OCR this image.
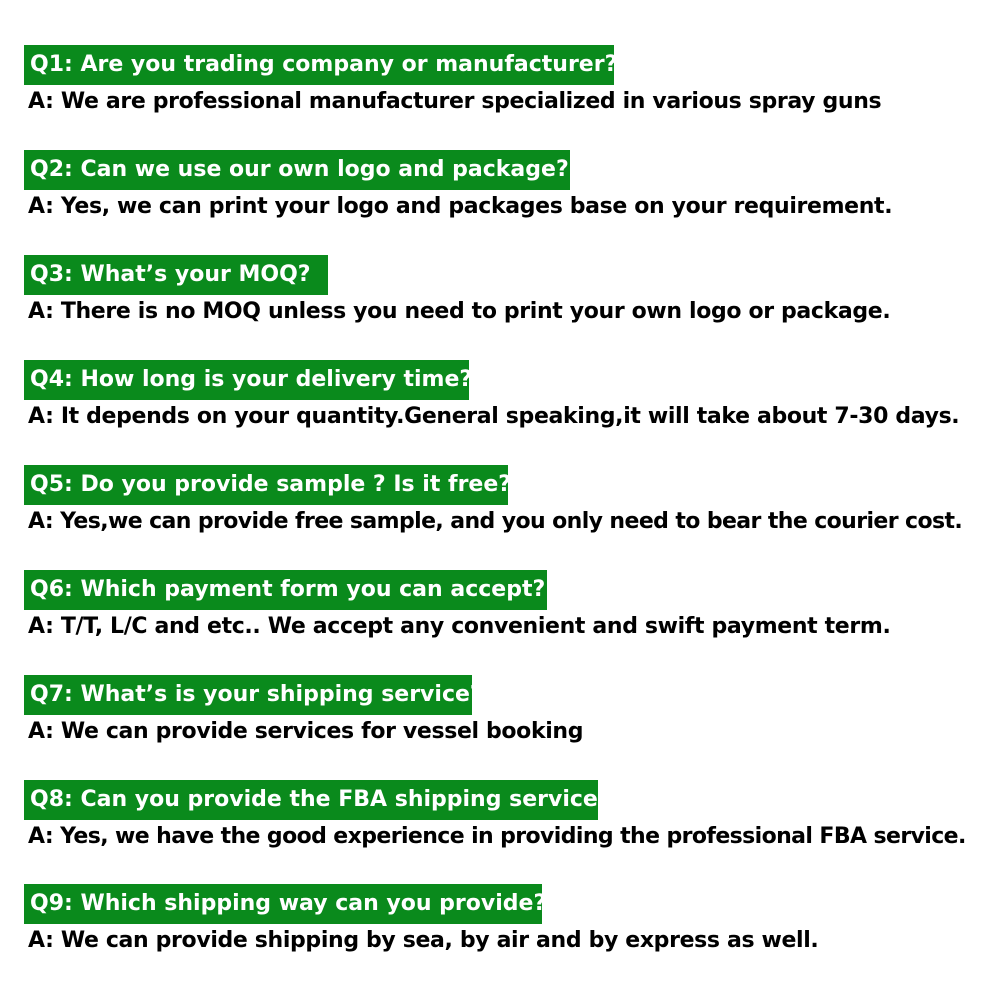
Q1: Are you trading company or manufacturer?
A: We are professional manufacturer specialized in various spray guns
Q2: Can we use our own logo and package?
A: Yes, we can print your logo and packages base on your requirement.
Q3: What’s your MOQ?
A: There is no MOQ unless you need to print your own logo or package.
Q4: How long is your delivery time?
A: It depends on your quantity.General speaking,it will take about 7-30 days.
Q5: Do you provide sample ? Is it free?
A: Yes,we can provide free sample, and you only need to bear the courier cost.
Q6: Which payment form you can accept?
A: T/T, L/C and etc.. We accept any convenient and swift payment term.
Q7: What’s is your shipping service?
A: We can provide services for vessel booking
Q8: Can you provide the FBA shipping service?
A: Yes, we have the good experience in providing the professional FBA service.
Q9: Which shipping way can you provide?
A: We can provide shipping by sea, by air and by express as well.
